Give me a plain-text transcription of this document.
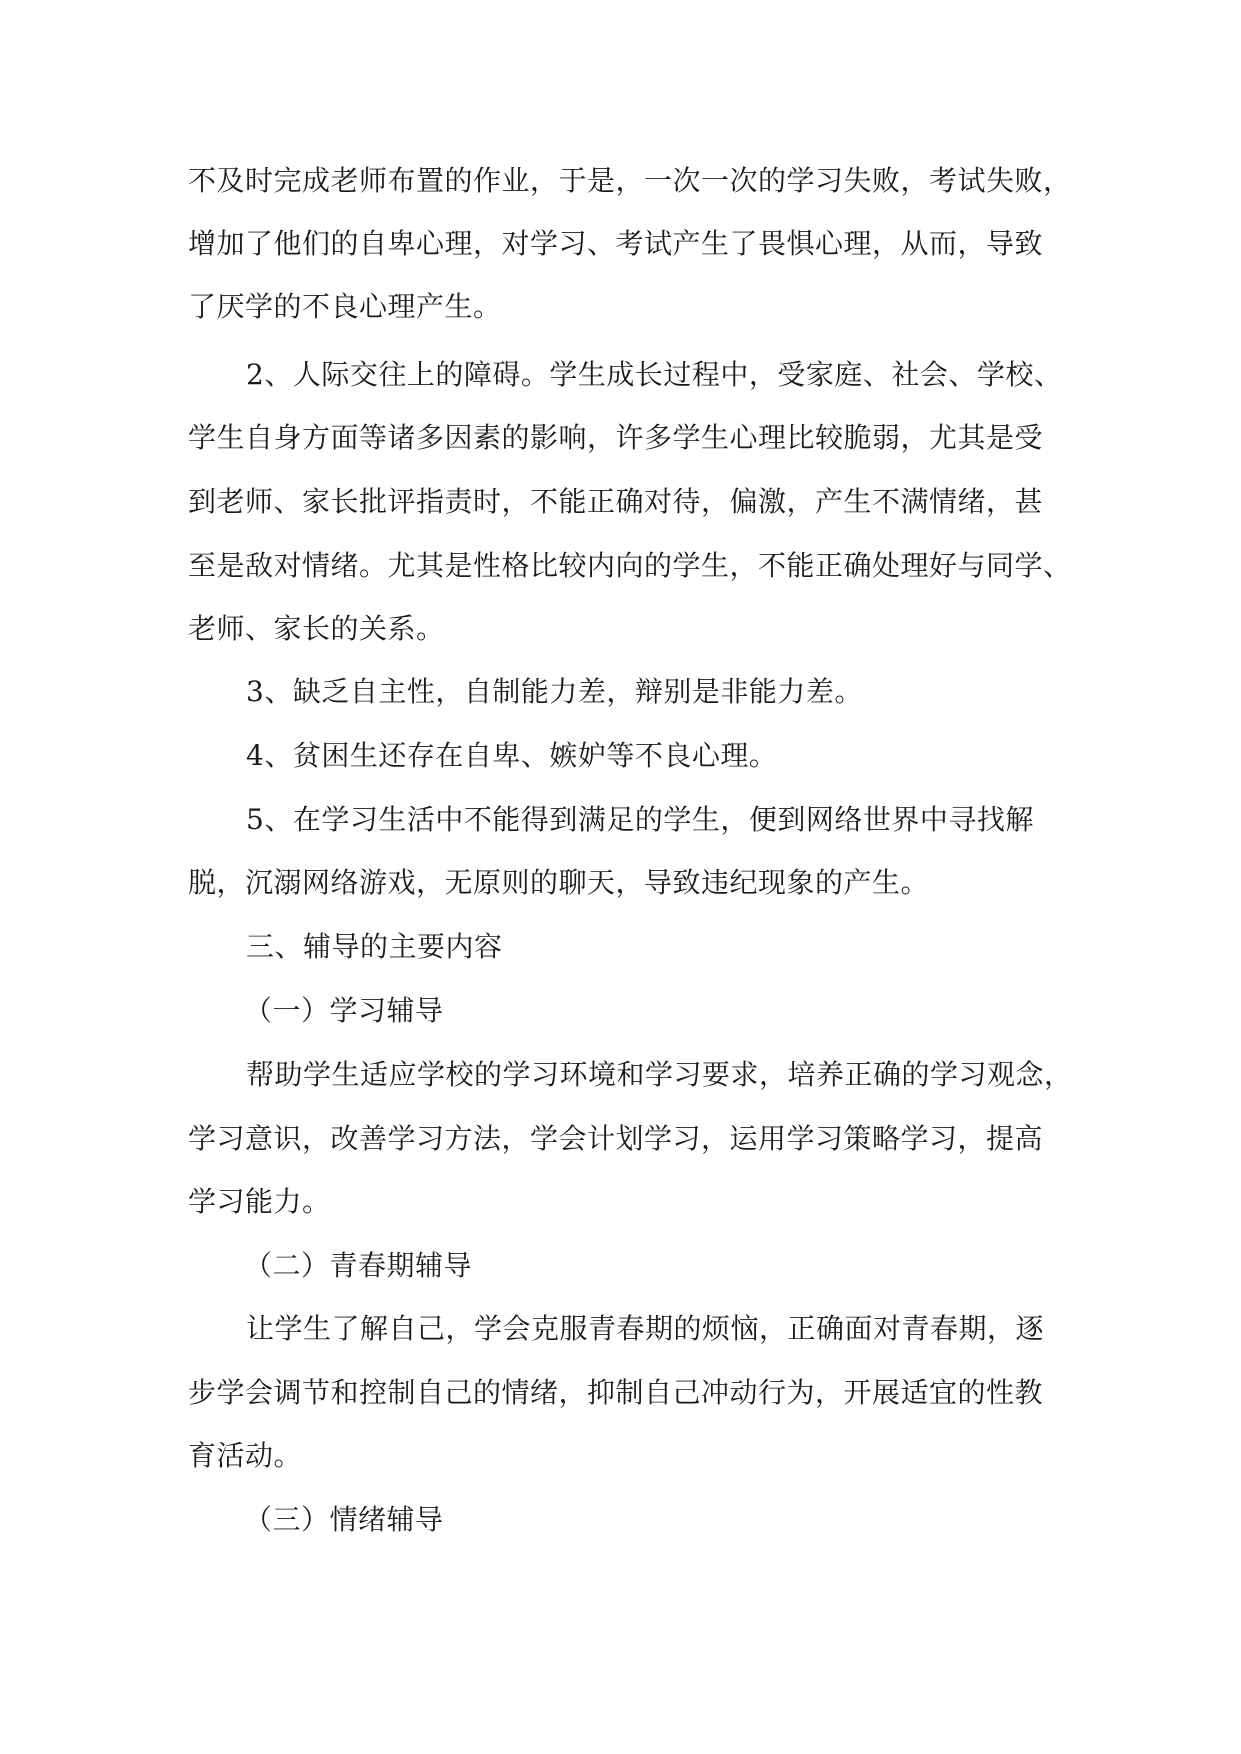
不及时完成老师布置的作业，于是，一次一次的学习失败，考试失败，
增加了他们的自卑心理，对学习、考试产生了畏惧心理，从而，导致
了厌学的不良心理产生。
2、人际交往上的障碍。学生成长过程中，受家庭、社会、学校、
学生自身方面等诸多因素的影响，许多学生心理比较脆弱，尤其是受
到老师、家长批评指责时，不能正确对待，偏激，产生不满情绪，甚
至是敌对情绪。尤其是性格比较内向的学生，不能正确处理好与同学、
老师、家长的关系。
3、缺乏自主性，自制能力差，辩别是非能力差。
4、贫困生还存在自卑、嫉妒等不良心理。
5、在学习生活中不能得到满足的学生，便到网络世界中寻找解
脱，沉溺网络游戏，无原则的聊天，导致违纪现象的产生。
三、辅导的主要内容
（一）学习辅导
帮助学生适应学校的学习环境和学习要求，培养正确的学习观念，
学习意识，改善学习方法，学会计划学习，运用学习策略学习，提高
学习能力。
（二）青春期辅导
让学生了解自己，学会克服青春期的烦恼，正确面对青春期，逐
步学会调节和控制自己的情绪，抑制自己冲动行为，开展适宜的性教
育活动。
（三）情绪辅导
